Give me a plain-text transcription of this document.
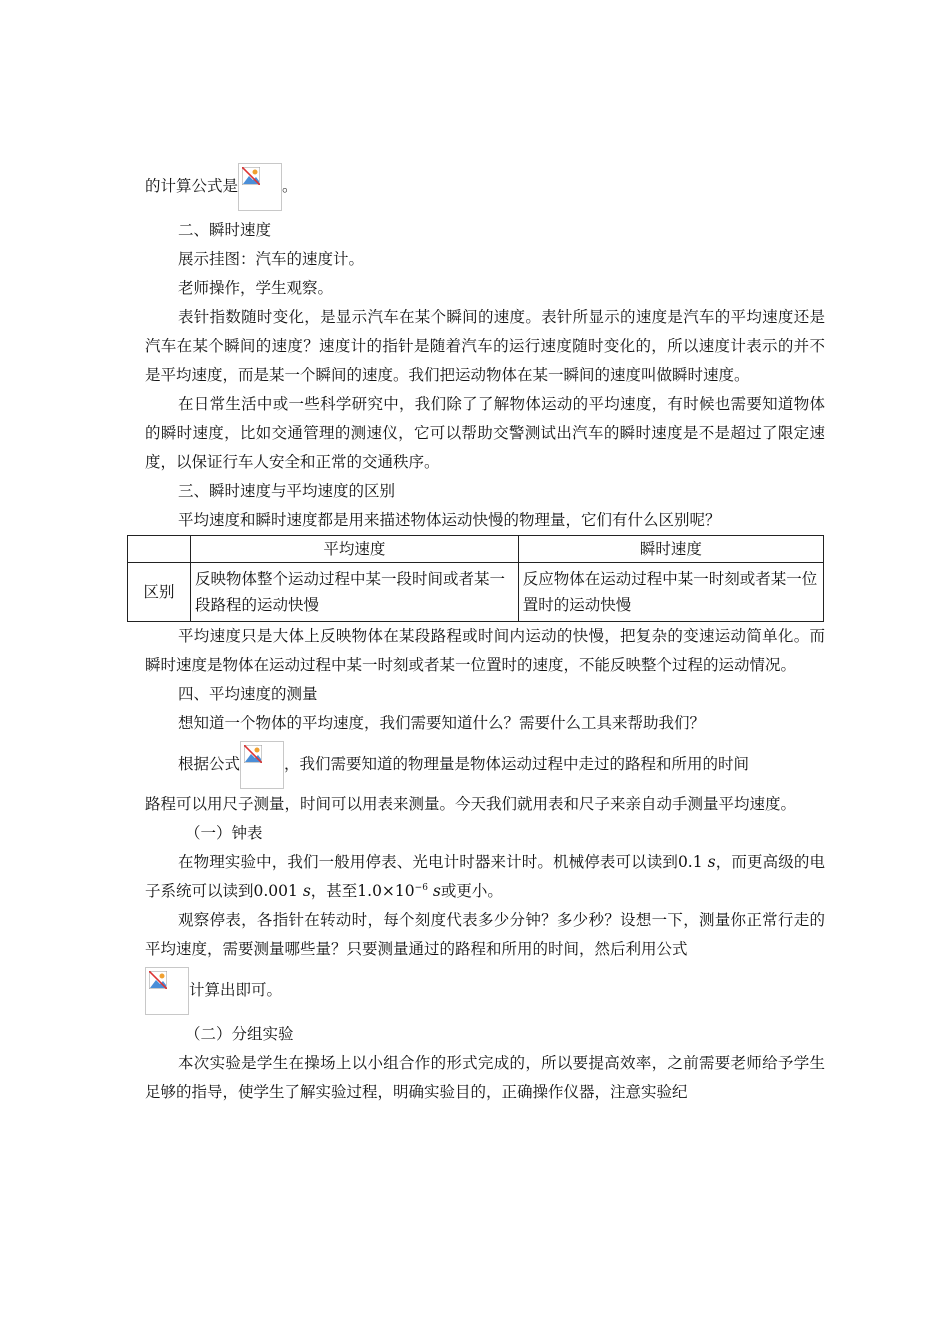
的计算公式是	。

二、瞬时速度

展示挂图：汽车的速度计。

老师操作，学生观察。

表针指数随时变化，是显示汽车在某个瞬间的速度。表针所显示的速度是汽车的平均速度还是汽车在某个瞬间的速度？速度计的指针是随着汽车的运行速度随时变化的，所以速度计表示的并不是平均速度，而是某一个瞬间的速度。我们把运动物体在某一瞬间的速度叫做瞬时速度。

在日常生活中或一些科学研究中，我们除了了解物体运动的平均速度，有时候也需要知道物体的瞬时速度，比如交通管理的测速仪，它可以帮助交警测试出汽车的瞬时速度是不是超过了限定速度，以保证行车人安全和正常的交通秩序。

三、瞬时速度与平均速度的区别

平均速度和瞬时速度都是用来描述物体运动快慢的物理量，它们有什么区别呢？

	平均速度	瞬时速度
区别	反映物体整个运动过程中某一段时间或者某一段路程的运动快慢	反应物体在运动过程中某一时刻或者某一位置时的运动快慢

平均速度只是大体上反映物体在某段路程或时间内运动的快慢，把复杂的变速运动简单化。而瞬时速度是物体在运动过程中某一时刻或者某一位置时的速度，不能反映整个过程的运动情况。

四、平均速度的测量

想知道一个物体的平均速度，我们需要知道什么？需要什么工具来帮助我们？

根据公式	，我们需要知道的物理量是物体运动过程中走过的路程和所用的时间

路程可以用尺子测量，时间可以用表来测量。今天我们就用表和尺子来亲自动手测量平均速度。

（一）钟表

在物理实验中，我们一般用停表、光电计时器来计时。机械停表可以读到0.1 s，而更高级的电子系统可以读到0.001 s，甚至$1.0\times 10^{-6}$ s或更小。

观察停表，各指针在转动时，每个刻度代表多少分钟？多少秒？设想一下，测量你正常行走的平均速度，需要测量哪些量？只要测量通过的路程和所用的时间，然后利用公式

计算出即可。

（二）分组实验

本次实验是学生在操场上以小组合作的形式完成的，所以要提高效率，之前需要老师给予学生足够的指导，使学生了解实验过程，明确实验目的，正确操作仪器，注意实验纪
